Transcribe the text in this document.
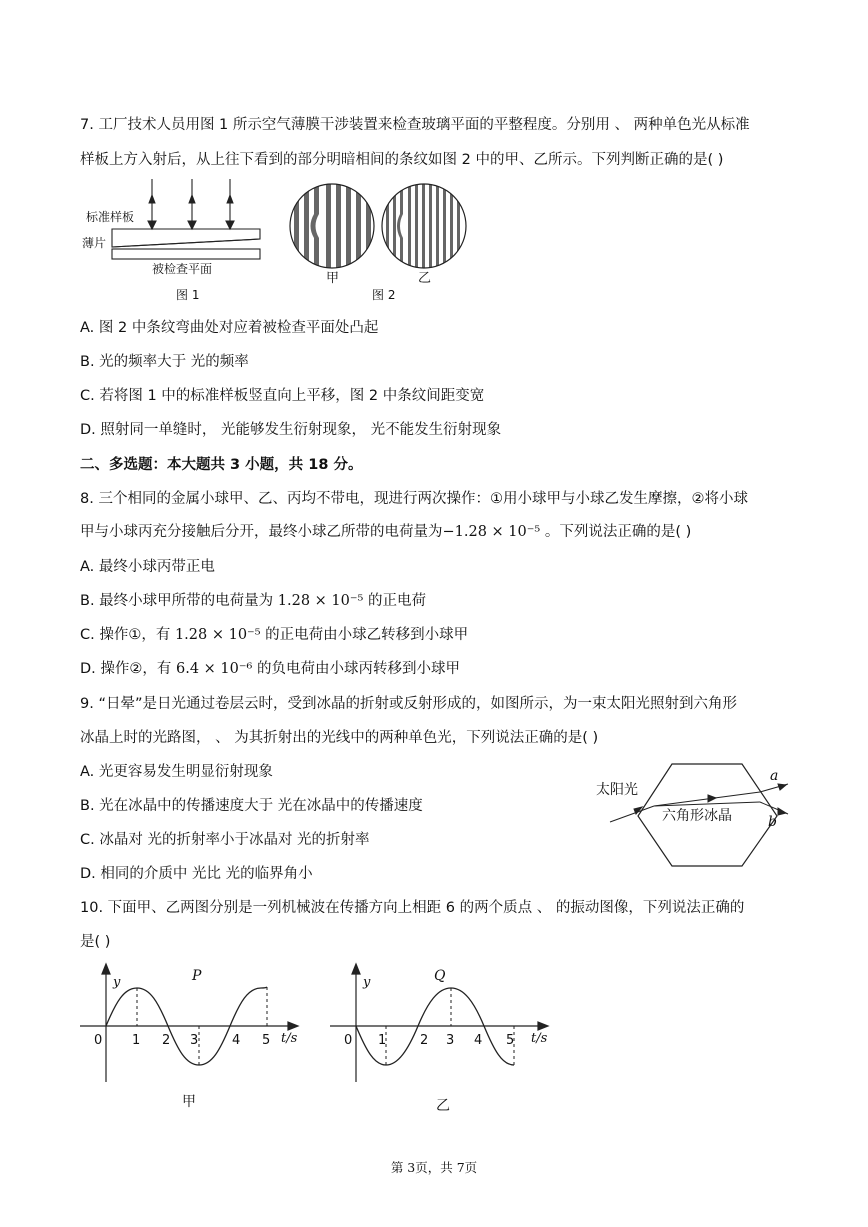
7. 工厂技术人员用图 1 所示空气薄膜干涉装置来检查玻璃平面的平整程度。分别用 、 两种单色光从标准
样板上方入射后，从上往下看到的部分明暗相间的条纹如图 2 中的甲、乙所示。下列判断正确的是( )
标准样板
薄片
被检查平面
图 1
甲	乙
图 2
A. 图 2 中条纹弯曲处对应着被检查平面处凸起
B. 光的频率大于 光的频率
C. 若将图 1 中的标准样板竖直向上平移，图 2 中条纹间距变宽
D. 照射同一单缝时， 光能够发生衍射现象， 光不能发生衍射现象
二、多选题：本大题共 3 小题，共 18 分。
8. 三个相同的金属小球甲、乙、丙均不带电，现进行两次操作：①用小球甲与小球乙发生摩擦，②将小球
甲与小球丙充分接触后分开，最终小球乙所带的电荷量为−1.28 × 10⁻⁵ 。下列说法正确的是( )
A. 最终小球丙带正电
B. 最终小球甲所带的电荷量为 1.28 × 10⁻⁵ 的正电荷
C. 操作①，有 1.28 × 10⁻⁵ 的正电荷由小球乙转移到小球甲
D. 操作②，有 6.4 × 10⁻⁶ 的负电荷由小球丙转移到小球甲
9. “日晕”是日光通过卷层云时，受到冰晶的折射或反射形成的，如图所示，为一束太阳光照射到六角形
冰晶上时的光路图， 、 为其折射出的光线中的两种单色光，下列说法正确的是( )
A. 光更容易发生明显衍射现象
B. 光在冰晶中的传播速度大于 光在冰晶中的传播速度
C. 冰晶对 光的折射率小于冰晶对 光的折射率
D. 相同的介质中 光比 光的临界角小
太阳光
六角形冰晶
a
b
10. 下面甲、乙两图分别是一列机械波在传播方向上相距 6 的两个质点 、 的振动图像，下列说法正确的
是( )
y	P
t/s
0 1 2 3	4 5
甲
y	Q
t/s
0 1	2 3 4 5
乙
第 3页，共 7页
